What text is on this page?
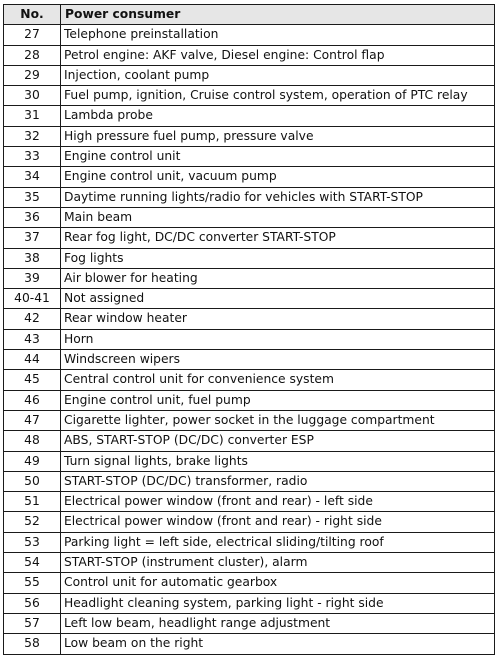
No.	Power consumer
27	Telephone preinstallation
28	Petrol engine: AKF valve, Diesel engine: Control flap
29	Injection, coolant pump
30	Fuel pump, ignition, Cruise control system, operation of PTC relay
31	Lambda probe
32	High pressure fuel pump, pressure valve
33	Engine control unit
34	Engine control unit, vacuum pump
35	Daytime running lights/radio for vehicles with START-STOP
36	Main beam
37	Rear fog light, DC/DC converter START-STOP
38	Fog lights
39	Air blower for heating
40-41	Not assigned
42	Rear window heater
43	Horn
44	Windscreen wipers
45	Central control unit for convenience system
46	Engine control unit, fuel pump
47	Cigarette lighter, power socket in the luggage compartment
48	ABS, START-STOP (DC/DC) converter ESP
49	Turn signal lights, brake lights
50	START-STOP (DC/DC) transformer, radio
51	Electrical power window (front and rear) - left side
52	Electrical power window (front and rear) - right side
53	Parking light = left side, electrical sliding/tilting roof
54	START-STOP (instrument cluster), alarm
55	Control unit for automatic gearbox
56	Headlight cleaning system, parking light - right side
57	Left low beam, headlight range adjustment
58	Low beam on the right
